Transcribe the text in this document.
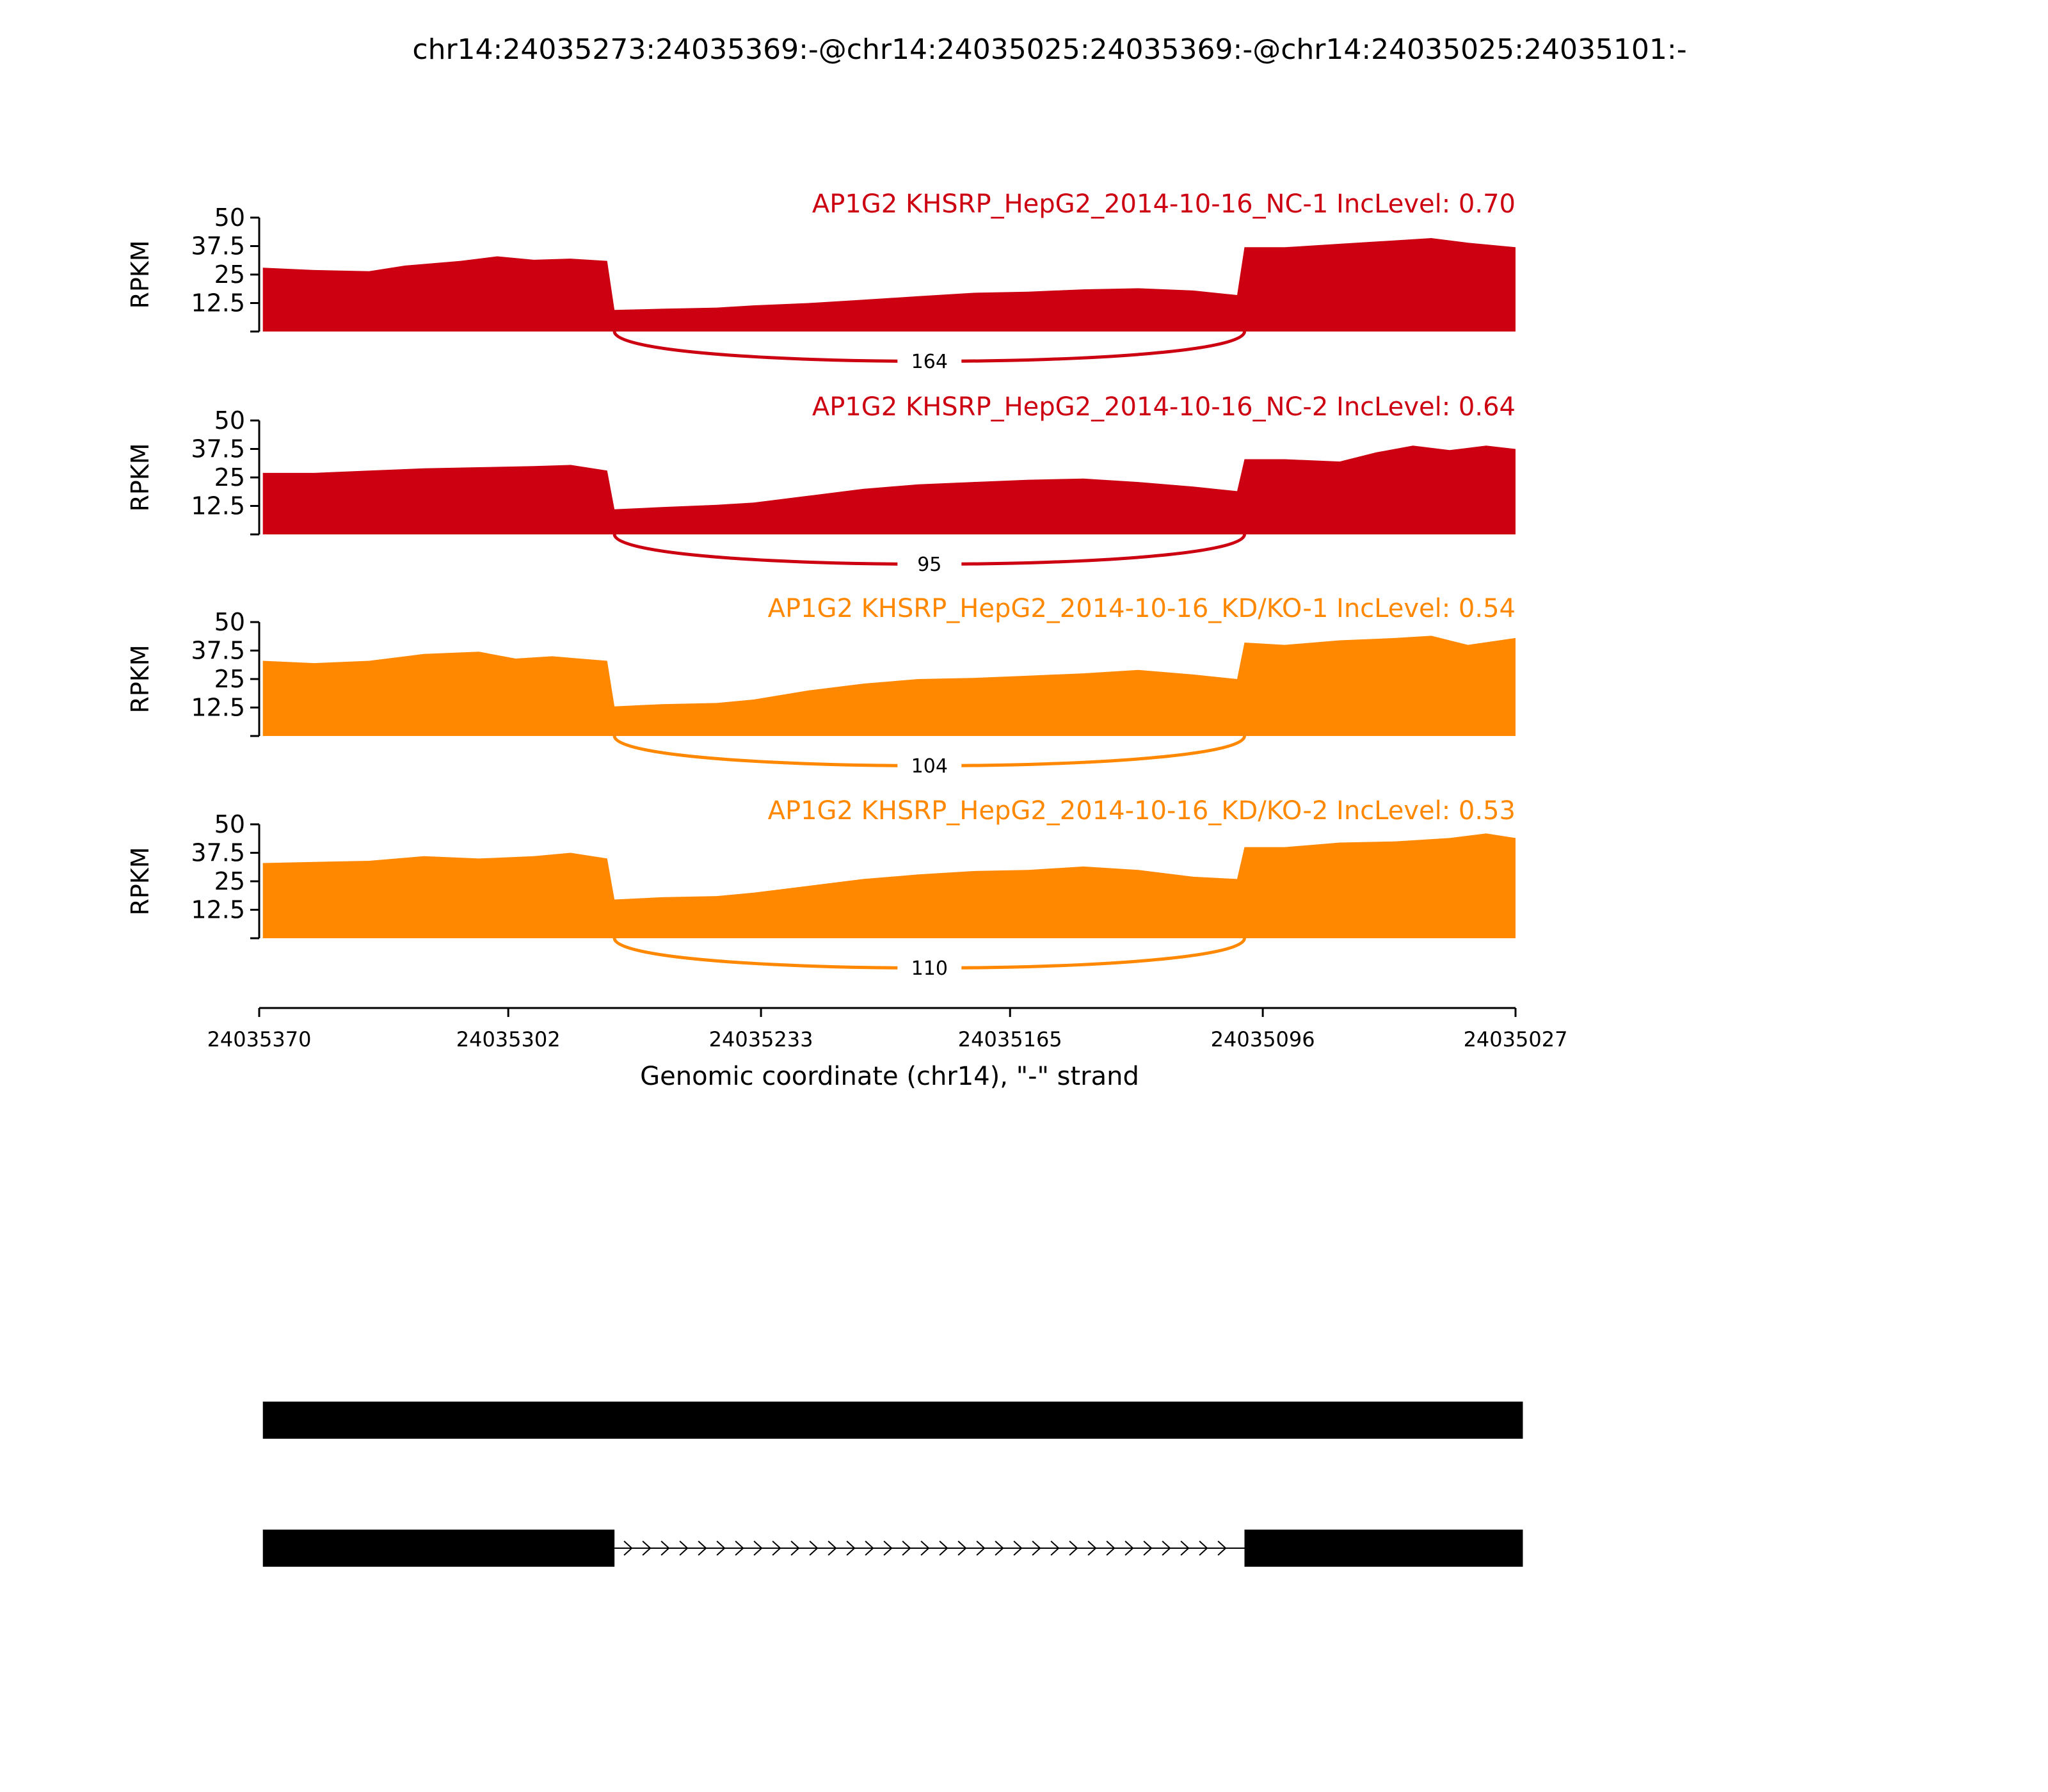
chr14:24035273:24035369:-@chr14:24035025:24035369:-@chr14:24035025:24035101:-
12.5
25
37.5
50
RPKM
AP1G2 KHSRP_HepG2_2014-10-16_NC-1 IncLevel: 0.70
164
12.5
25
37.5
50
RPKM
AP1G2 KHSRP_HepG2_2014-10-16_NC-2 IncLevel: 0.64
95
12.5
25
37.5
50
RPKM
AP1G2 KHSRP_HepG2_2014-10-16_KD/KO-1 IncLevel: 0.54
104
12.5
25
37.5
50
RPKM
AP1G2 KHSRP_HepG2_2014-10-16_KD/KO-2 IncLevel: 0.53
110
24035370	24035302	24035233	24035165	24035096	24035027
Genomic coordinate (chr14), "-" strand
